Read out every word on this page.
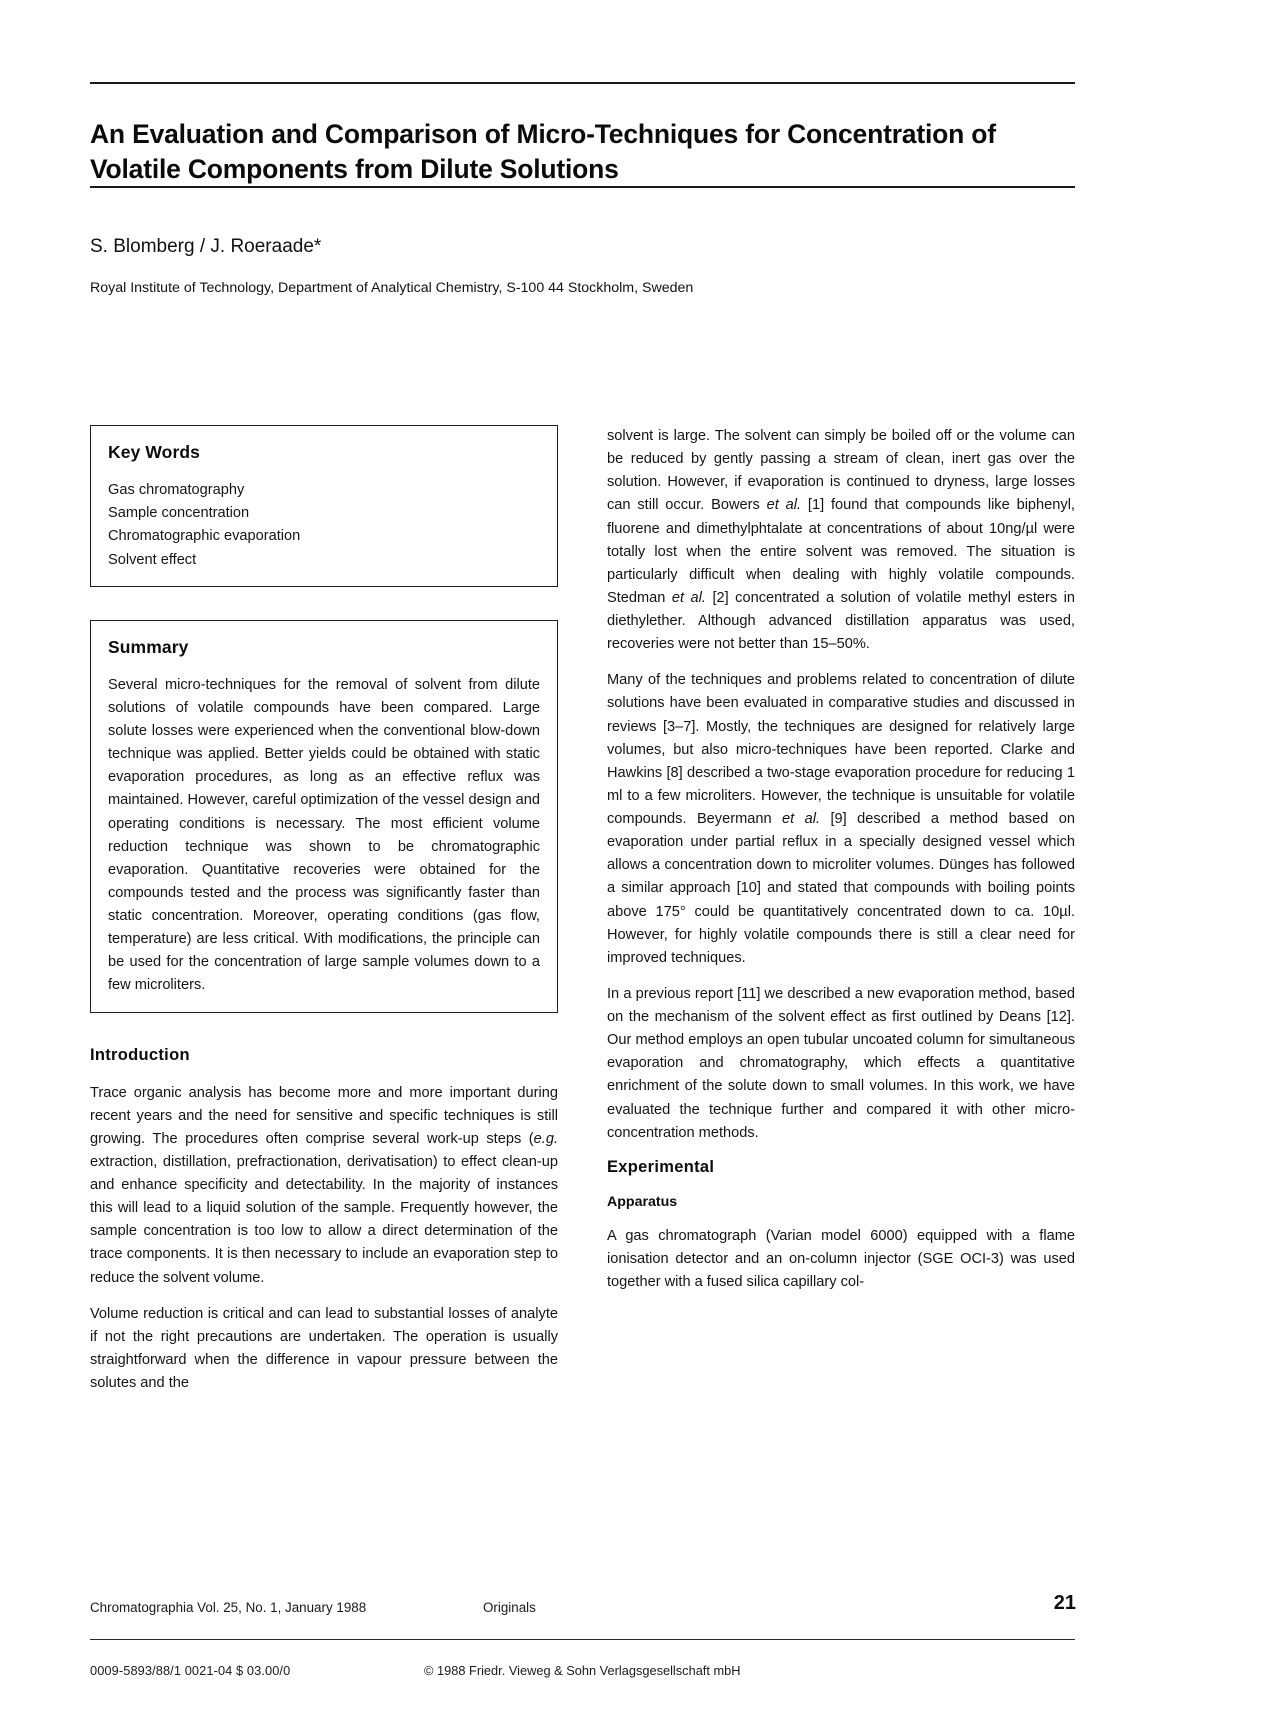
An Evaluation and Comparison of Micro-Techniques for Concentration of Volatile Components from Dilute Solutions
S. Blomberg / J. Roeraade*
Royal Institute of Technology, Department of Analytical Chemistry, S-100 44 Stockholm, Sweden
Key Words
Gas chromatography
Sample concentration
Chromatographic evaporation
Solvent effect
Summary

Several micro-techniques for the removal of solvent from dilute solutions of volatile compounds have been compared. Large solute losses were experienced when the conventional blow-down technique was applied. Better yields could be obtained with static evaporation procedures, as long as an effective reflux was maintained. However, careful optimization of the vessel design and operating conditions is necessary. The most efficient volume reduction technique was shown to be chromatographic evaporation. Quantitative recoveries were obtained for the compounds tested and the process was significantly faster than static concentration. Moreover, operating conditions (gas flow, temperature) are less critical. With modifications, the principle can be used for the concentration of large sample volumes down to a few microliters.

Introduction

Trace organic analysis has become more and more important during recent years and the need for sensitive and specific techniques is still growing. The procedures often comprise several work-up steps (e.g. extraction, distillation, prefractionation, derivatisation) to effect clean-up and enhance specificity and detectability. In the majority of instances this will lead to a liquid solution of the sample. Frequently however, the sample concentration is too low to allow a direct determination of the trace components. It is then necessary to include an evaporation step to reduce the solvent volume.

Volume reduction is critical and can lead to substantial losses of analyte if not the right precautions are undertaken. The operation is usually straightforward when the difference in vapour pressure between the solutes and the

solvent is large. The solvent can simply be boiled off or the volume can be reduced by gently passing a stream of clean, inert gas over the solution. However, if evaporation is continued to dryness, large losses can still occur. Bowers et al. [1] found that compounds like biphenyl, fluorene and dimethylphtalate at concentrations of about 10ng/µl were totally lost when the entire solvent was removed. The situation is particularly difficult when dealing with highly volatile compounds. Stedman et al. [2] concentrated a solution of volatile methyl esters in diethylether. Although advanced distillation apparatus was used, recoveries were not better than 15–50%.

Many of the techniques and problems related to concentration of dilute solutions have been evaluated in comparative studies and discussed in reviews [3–7]. Mostly, the techniques are designed for relatively large volumes, but also micro-techniques have been reported. Clarke and Hawkins [8] described a two-stage evaporation procedure for reducing 1 ml to a few microliters. However, the technique is unsuitable for volatile compounds. Beyermann et al. [9] described a method based on evaporation under partial reflux in a specially designed vessel which allows a concentration down to microliter volumes. Dünges has followed a similar approach [10] and stated that compounds with boiling points above 175° could be quantitatively concentrated down to ca. 10µl. However, for highly volatile compounds there is still a clear need for improved techniques.

In a previous report [11] we described a new evaporation method, based on the mechanism of the solvent effect as first outlined by Deans [12]. Our method employs an open tubular uncoated column for simultaneous evaporation and chromatography, which effects a quantitative enrichment of the solute down to small volumes. In this work, we have evaluated the technique further and compared it with other micro-concentration methods.

Experimental
Apparatus

A gas chromatograph (Varian model 6000) equipped with a flame ionisation detector and an on-column injector (SGE OCI-3) was used together with a fused silica capillary col-

Chromatographia Vol. 25, No. 1, January 1988	Originals	21
0009-5893/88/1 0021-04 $ 03.00/0	© 1988 Friedr. Vieweg & Sohn Verlagsgesellschaft mbH
